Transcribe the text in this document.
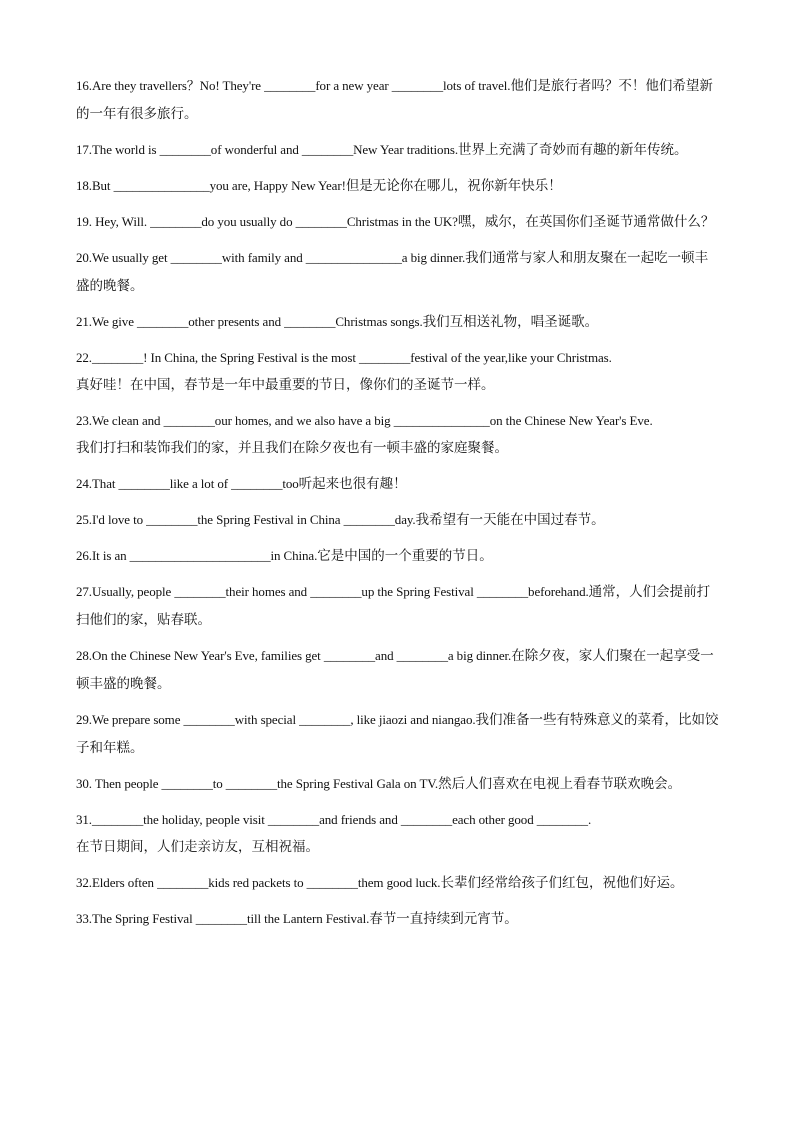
16.Are they travellers？No! They're ________for a new year ________lots of travel.他们是旅行者吗？不！他们希望新的一年有很多旅行。

17.The world is ________of wonderful and ________New Year traditions.世界上充满了奇妙而有趣的新年传统。

18.But _______________you are, Happy New Year!但是无论你在哪儿，祝你新年快乐！

19. Hey, Will. ________do you usually do ________Christmas in the UK?嘿，威尔，在英国你们圣诞节通常做什么？

20.We usually get ________with family and _______________a big dinner.我们通常与家人和朋友聚在一起吃一顿丰盛的晚餐。

21.We give ________other presents and ________Christmas songs.我们互相送礼物，唱圣诞歌。

22.________! In China, the Spring Festival is the most ________festival of the year,like your Christmas.
真好哇！在中国，春节是一年中最重要的节日，像你们的圣诞节一样。

23.We clean and ________our homes, and we also have a big _______________on the Chinese New Year's Eve.
我们打扫和装饰我们的家，并且我们在除夕夜也有一顿丰盛的家庭聚餐。

24.That ________like a lot of ________too听起来也很有趣！

25.I'd love to ________the Spring Festival in China ________day.我希望有一天能在中国过春节。

26.It is an ______________________in China.它是中国的一个重要的节日。

27.Usually, people ________their homes and ________up the Spring Festival ________beforehand.通常，人们会提前打扫他们的家，贴春联。

28.On the Chinese New Year's Eve, families get ________and ________a big dinner.在除夕夜，家人们聚在一起享受一顿丰盛的晚餐。

29.We prepare some ________with special ________, like jiaozi and niangao.我们准备一些有特殊意义的菜肴，比如饺子和年糕。

30. Then people ________to ________the Spring Festival Gala on TV.然后人们喜欢在电视上看春节联欢晚会。

31.________the holiday, people visit ________and friends and ________each other good ________.
在节日期间，人们走亲访友，互相祝福。

32.Elders often ________kids red packets to ________them good luck.长辈们经常给孩子们红包，祝他们好运。

33.The Spring Festival ________till the Lantern Festival.春节一直持续到元宵节。
